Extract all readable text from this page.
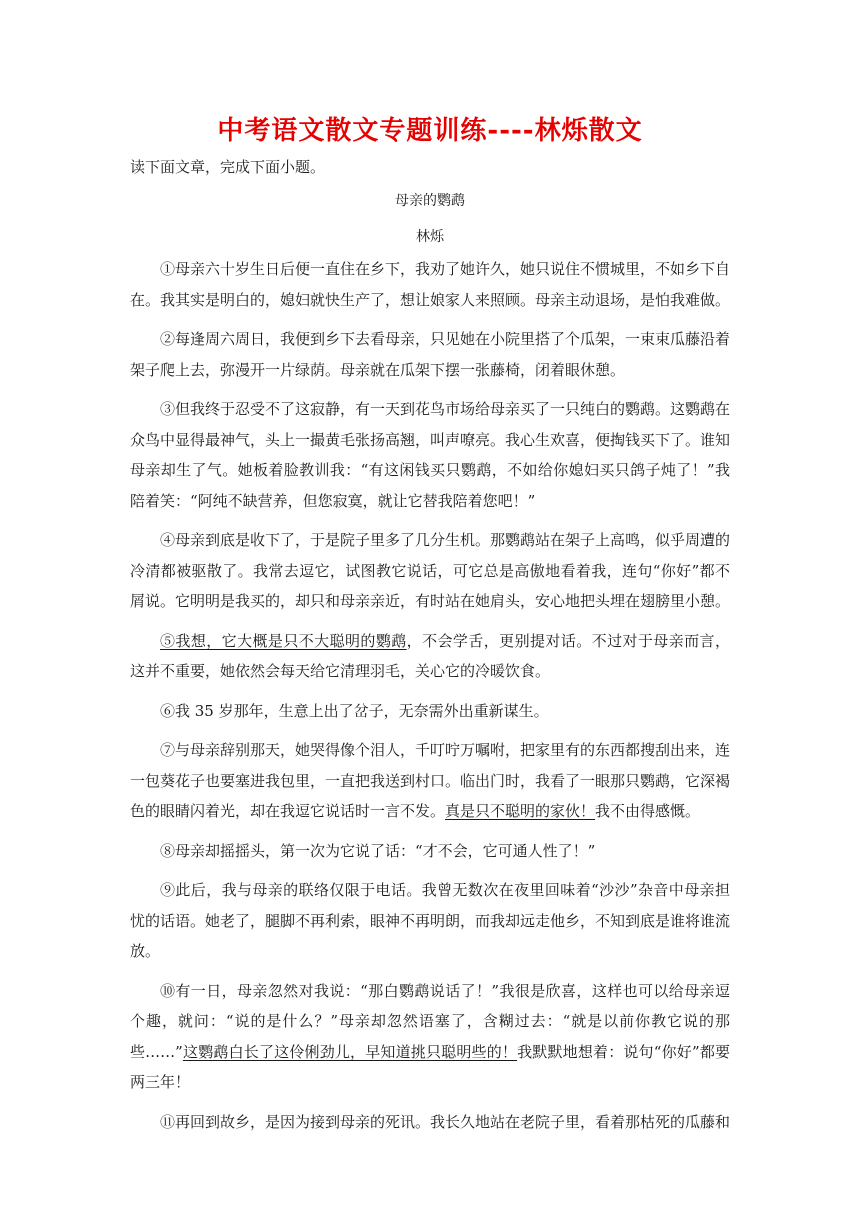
中考语文散文专题训练----林烁散文
读下面文章，完成下面小题。
母亲的鹦鹉
林烁

①母亲六十岁生日后便一直住在乡下，我劝了她许久，她只说住不惯城里，不如乡下自在。我其实是明白的，媳妇就快生产了，想让娘家人来照顾。母亲主动退场，是怕我难做。

②每逢周六周日，我便到乡下去看母亲，只见她在小院里搭了个瓜架，一束束瓜藤沿着架子爬上去，弥漫开一片绿荫。母亲就在瓜架下摆一张藤椅，闭着眼休憩。

③但我终于忍受不了这寂静，有一天到花鸟市场给母亲买了一只纯白的鹦鹉。这鹦鹉在众鸟中显得最神气，头上一撮黄毛张扬高翘，叫声嘹亮。我心生欢喜，便掏钱买下了。谁知母亲却生了气。她板着脸教训我：“有这闲钱买只鹦鹉，不如给你媳妇买只鸽子炖了！”我陪着笑：“阿纯不缺营养，但您寂寞，就让它替我陪着您吧！”

④母亲到底是收下了，于是院子里多了几分生机。那鹦鹉站在架子上高鸣，似乎周遭的冷清都被驱散了。我常去逗它，试图教它说话，可它总是高傲地看着我，连句“你好”都不屑说。它明明是我买的，却只和母亲亲近，有时站在她肩头，安心地把头埋在翅膀里小憩。

⑤我想，它大概是只不大聪明的鹦鹉，不会学舌，更别提对话。不过对于母亲而言，这并不重要，她依然会每天给它清理羽毛，关心它的冷暖饮食。

⑥我 35 岁那年，生意上出了岔子，无奈需外出重新谋生。

⑦与母亲辞别那天，她哭得像个泪人，千叮咛万嘱咐，把家里有的东西都搜刮出来，连一包葵花子也要塞进我包里，一直把我送到村口。临出门时，我看了一眼那只鹦鹉，它深褐色的眼睛闪着光，却在我逗它说话时一言不发。真是只不聪明的家伙！我不由得感慨。

⑧母亲却摇摇头，第一次为它说了话：“才不会，它可通人性了！”

⑨此后，我与母亲的联络仅限于电话。我曾无数次在夜里回味着“沙沙”杂音中母亲担忧的话语。她老了，腿脚不再利索，眼神不再明朗，而我却远走他乡，不知到底是谁将谁流放。

⑩有一日，母亲忽然对我说：“那白鹦鹉说话了！”我很是欣喜，这样也可以给母亲逗个趣，就问：“说的是什么？”母亲却忽然语塞了，含糊过去：“就是以前你教它说的那些……”这鹦鹉白长了这伶俐劲儿，早知道挑只聪明些的！我默默地想着：说句“你好”都要两三年！

⑪再回到故乡，是因为接到母亲的死讯。我长久地站在老院子里，看着那枯死的瓜藤和
